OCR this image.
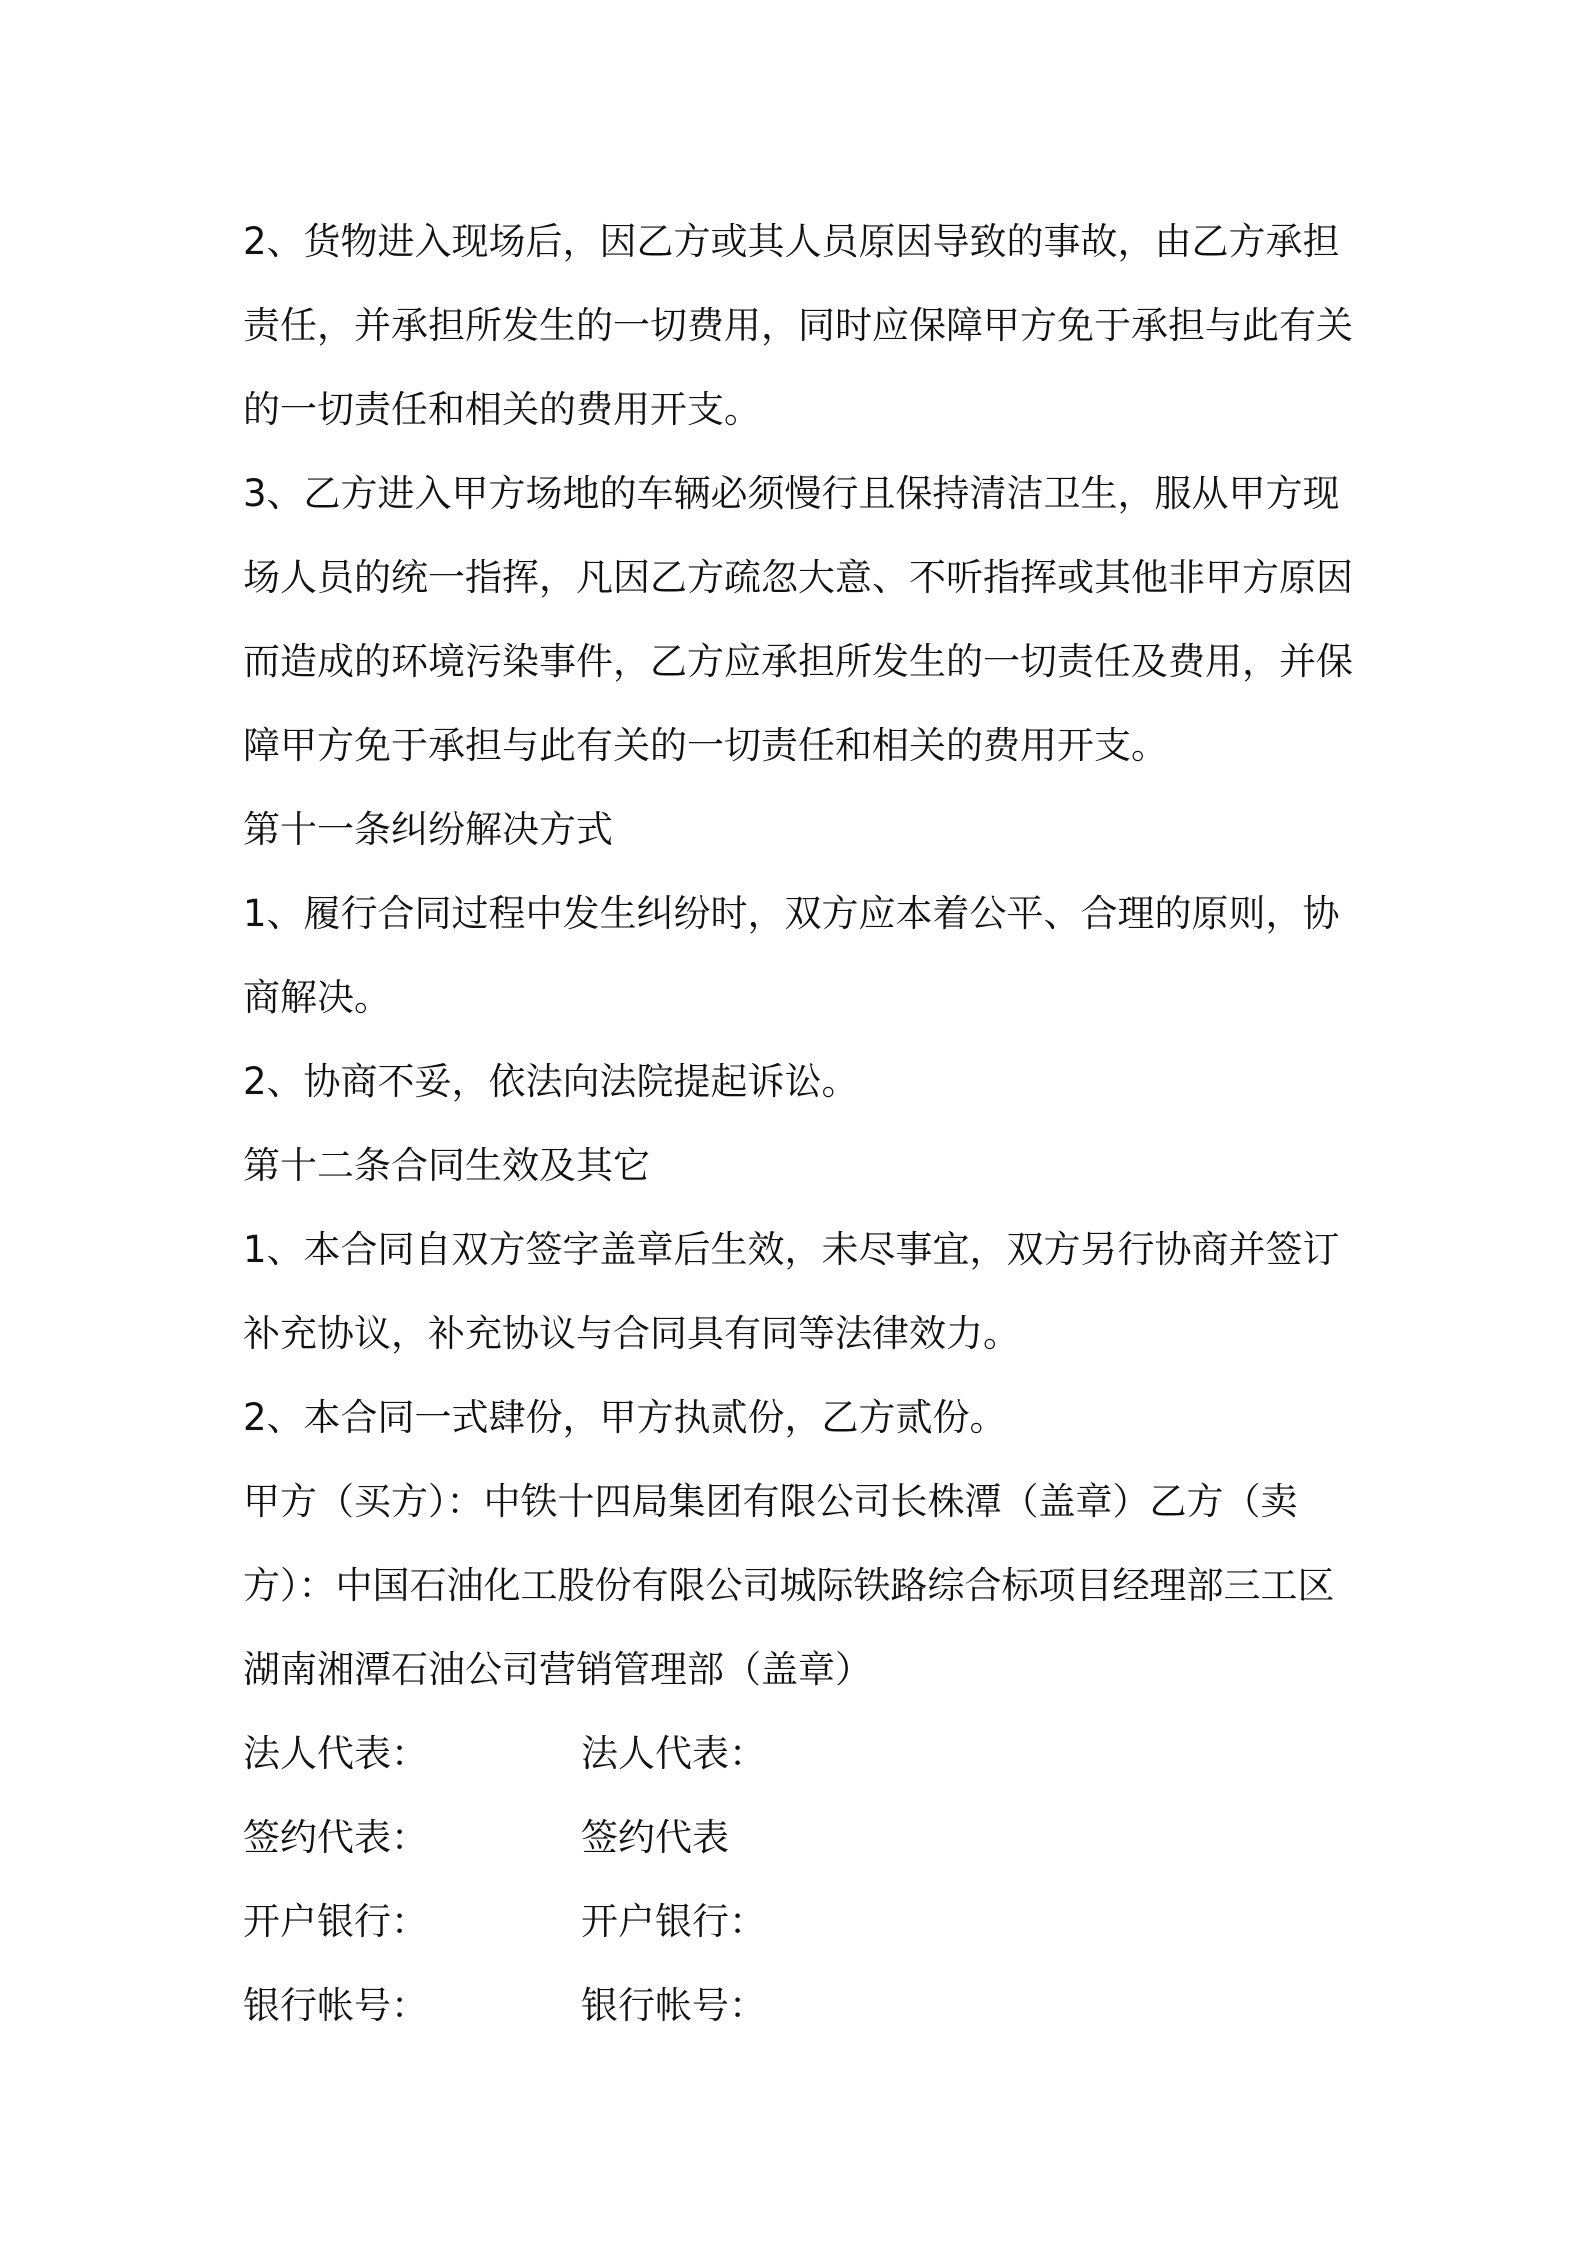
2、货物进入现场后，因乙方或其人员原因导致的事故，由乙方承担责任，并承担所发生的一切费用，同时应保障甲方免于承担与此有关的一切责任和相关的费用开支。

3、乙方进入甲方场地的车辆必须慢行且保持清洁卫生，服从甲方现场人员的统一指挥，凡因乙方疏忽大意、不听指挥或其他非甲方原因而造成的环境污染事件，乙方应承担所发生的一切责任及费用，并保障甲方免于承担与此有关的一切责任和相关的费用开支。

第十一条纠纷解决方式

1、履行合同过程中发生纠纷时，双方应本着公平、合理的原则，协商解决。

2、协商不妥，依法向法院提起诉讼。

第十二条合同生效及其它

1、本合同自双方签字盖章后生效，未尽事宜，双方另行协商并签订补充协议，补充协议与合同具有同等法律效力。

2、本合同一式肆份，甲方执贰份，乙方贰份。

甲方（买方）：中铁十四局集团有限公司长株潭（盖章）乙方（卖方）：中国石油化工股份有限公司城际铁路综合标项目经理部三工区湖南湘潭石油公司营销管理部（盖章）

法人代表：	法人代表：
签约代表：	签约代表
开户银行：	开户银行：
银行帐号：	银行帐号：
